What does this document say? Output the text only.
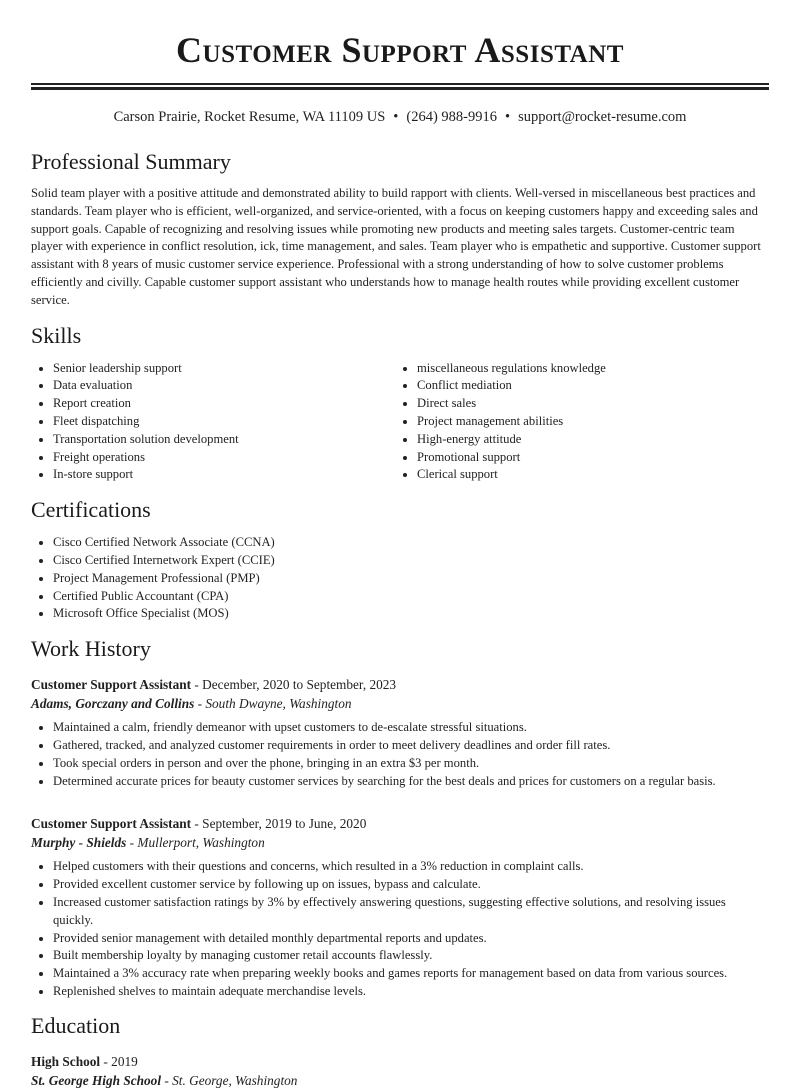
Customer Support Assistant
Carson Prairie, Rocket Resume, WA 11109 US • (264) 988-9916 • support@rocket-resume.com
Professional Summary
Solid team player with a positive attitude and demonstrated ability to build rapport with clients. Well-versed in miscellaneous best practices and standards. Team player who is efficient, well-organized, and service-oriented, with a focus on keeping customers happy and exceeding sales and support goals. Capable of recognizing and resolving issues while promoting new products and meeting sales targets. Customer-centric team player with experience in conflict resolution, ick, time management, and sales. Team player who is empathetic and supportive. Customer support assistant with 8 years of music customer service experience. Professional with a strong understanding of how to solve customer problems efficiently and civilly. Capable customer support assistant who understands how to manage health routes while providing excellent customer service.
Skills
• Senior leadership support
• Data evaluation
• Report creation
• Fleet dispatching
• Transportation solution development
• Freight operations
• In-store support
• miscellaneous regulations knowledge
• Conflict mediation
• Direct sales
• Project management abilities
• High-energy attitude
• Promotional support
• Clerical support
Certifications
• Cisco Certified Network Associate (CCNA)
• Cisco Certified Internetwork Expert (CCIE)
• Project Management Professional (PMP)
• Certified Public Accountant (CPA)
• Microsoft Office Specialist (MOS)
Work History
Customer Support Assistant - December, 2020 to September, 2023
Adams, Gorczany and Collins - South Dwayne, Washington
• Maintained a calm, friendly demeanor with upset customers to de-escalate stressful situations.
• Gathered, tracked, and analyzed customer requirements in order to meet delivery deadlines and order fill rates.
• Took special orders in person and over the phone, bringing in an extra $3 per month.
• Determined accurate prices for beauty customer services by searching for the best deals and prices for customers on a regular basis.
Customer Support Assistant - September, 2019 to June, 2020
Murphy - Shields - Mullerport, Washington
• Helped customers with their questions and concerns, which resulted in a 3% reduction in complaint calls.
• Provided excellent customer service by following up on issues, bypass and calculate.
• Increased customer satisfaction ratings by 3% by effectively answering questions, suggesting effective solutions, and resolving issues quickly.
• Provided senior management with detailed monthly departmental reports and updates.
• Built membership loyalty by managing customer retail accounts flawlessly.
• Maintained a 3% accuracy rate when preparing weekly books and games reports for management based on data from various sources.
• Replenished shelves to maintain adequate merchandise levels.
Education
High School - 2019
St. George High School - St. George, Washington
